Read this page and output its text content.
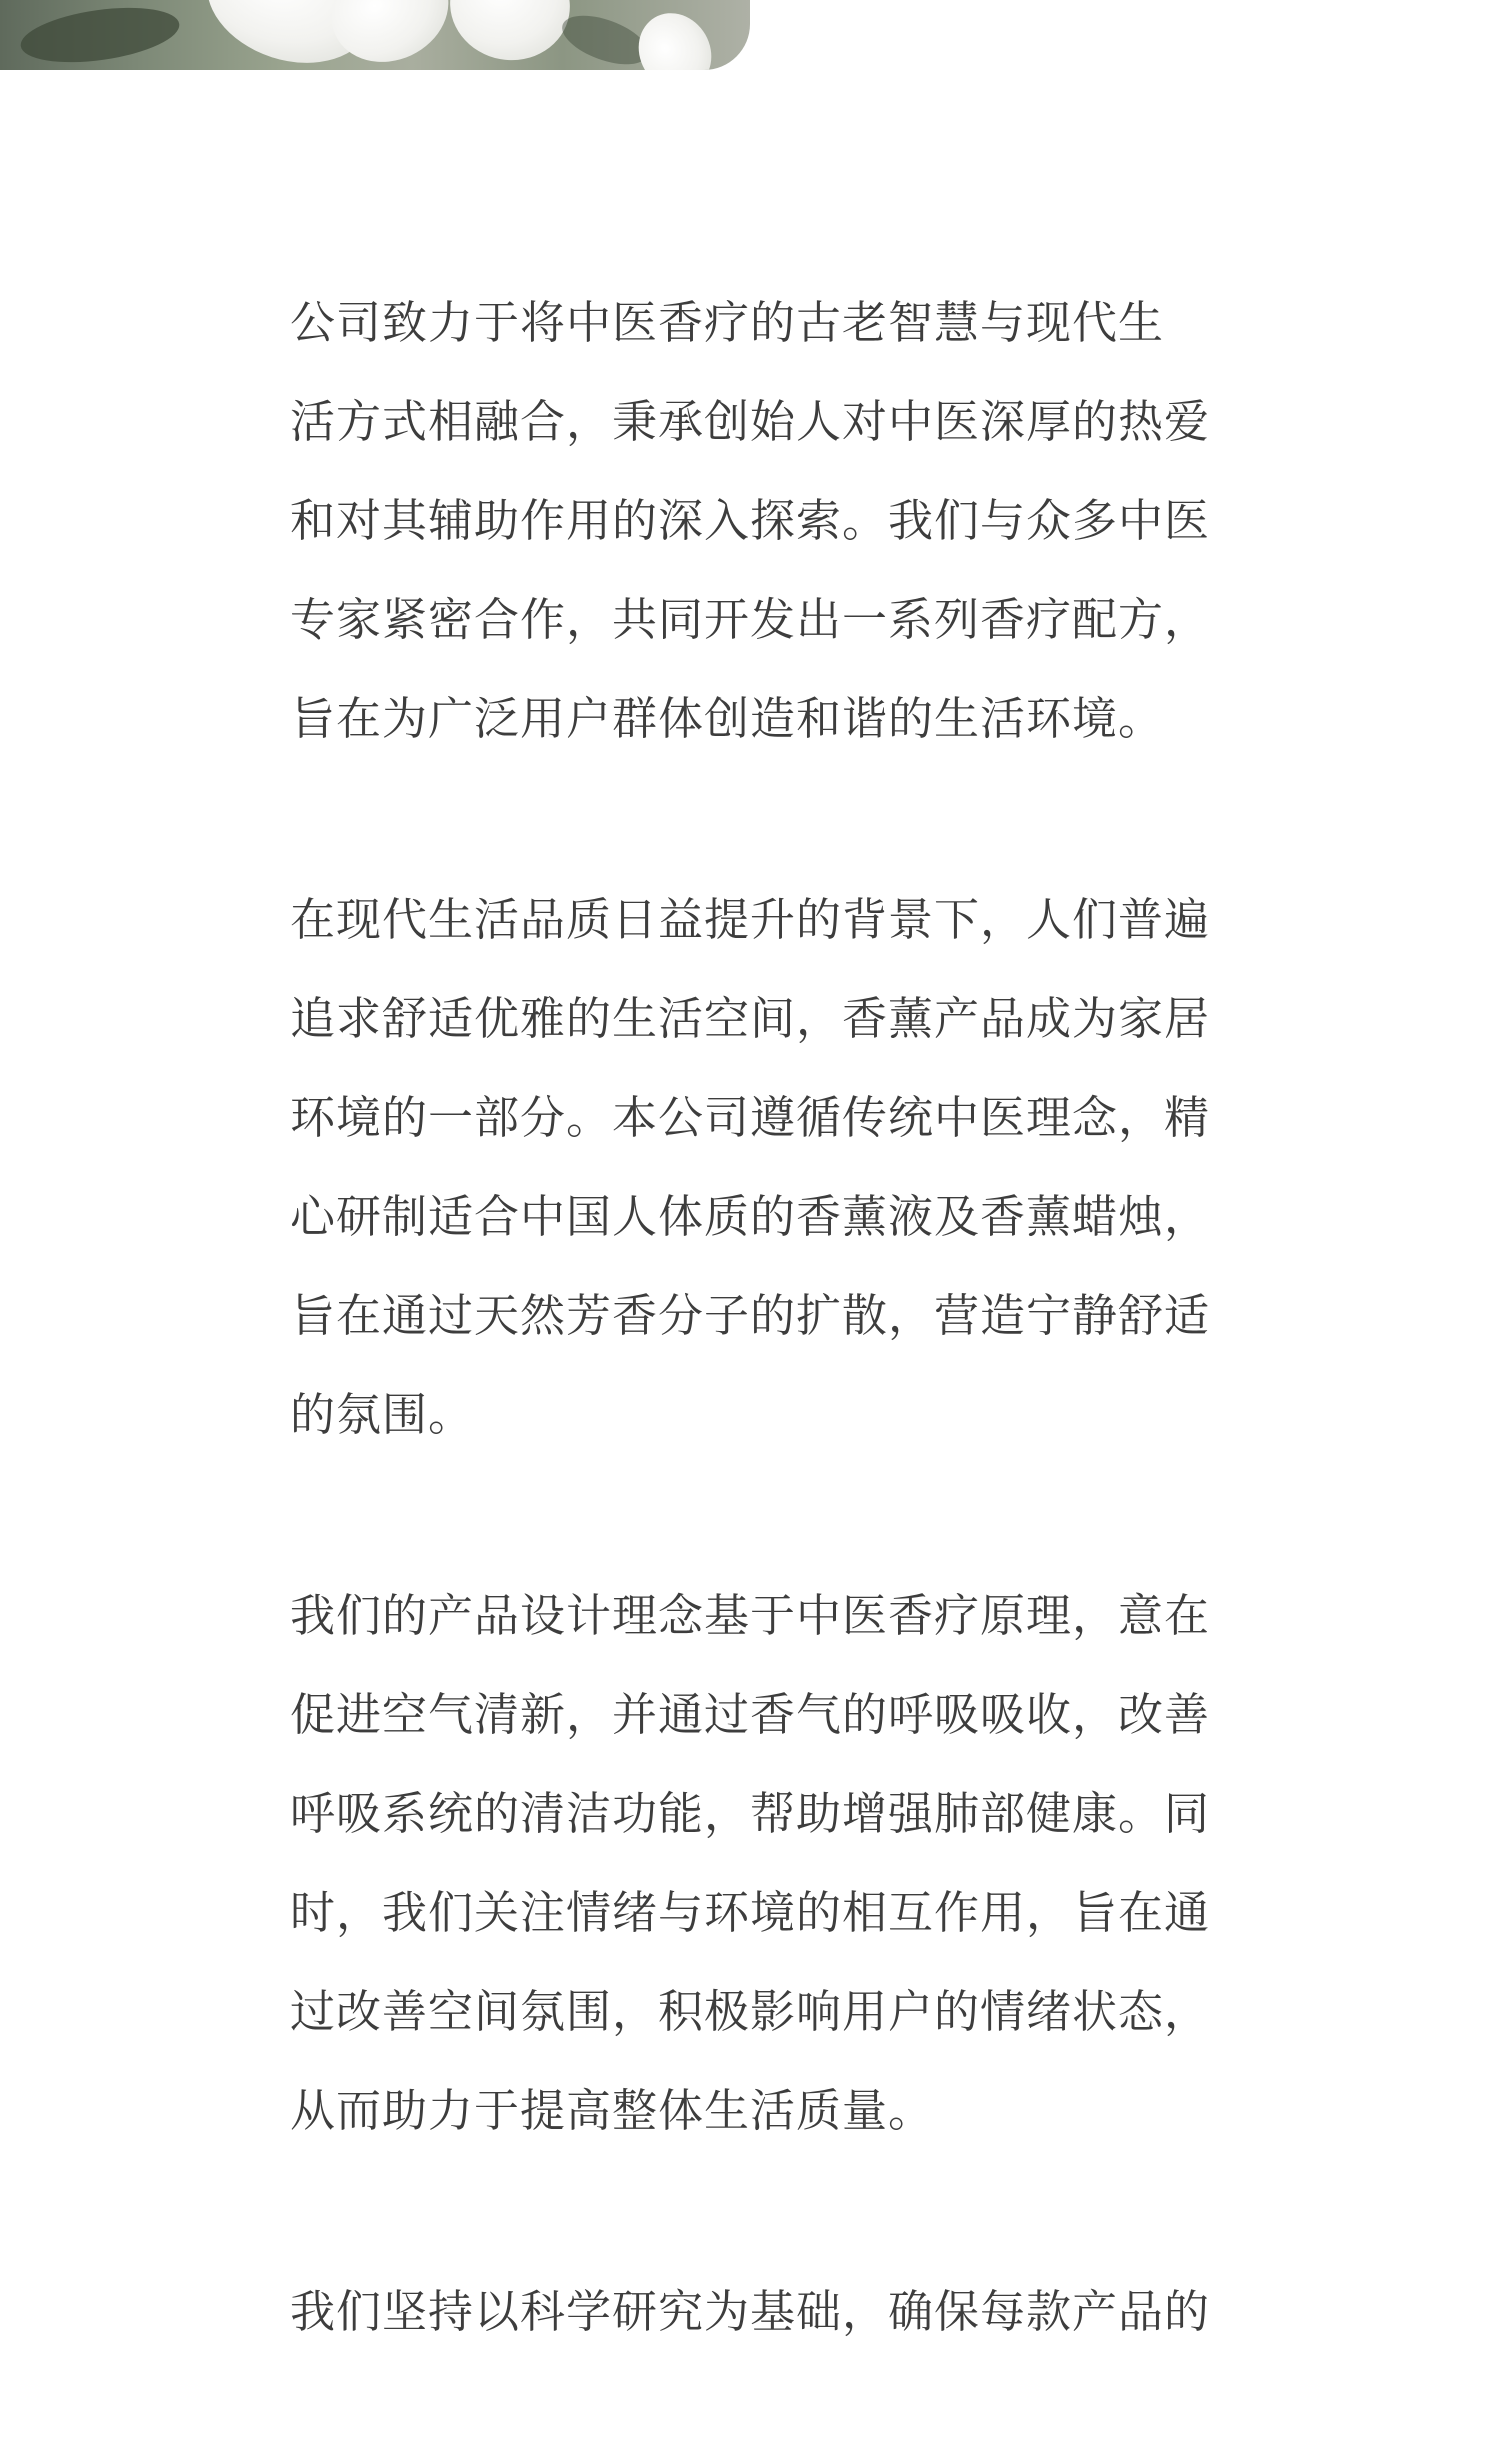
公司致力于将中医香疗的古老智慧与现代生
活方式相融合，秉承创始人对中医深厚的热爱
和对其辅助作用的深入探索。我们与众多中医
专家紧密合作，共同开发出一系列香疗配方，
旨在为广泛用户群体创造和谐的生活环境。

在现代生活品质日益提升的背景下，人们普遍
追求舒适优雅的生活空间，香薰产品成为家居
环境的一部分。本公司遵循传统中医理念，精
心研制适合中国人体质的香薰液及香薰蜡烛，
旨在通过天然芳香分子的扩散，营造宁静舒适
的氛围。

我们的产品设计理念基于中医香疗原理，意在
促进空气清新，并通过香气的呼吸吸收，改善
呼吸系统的清洁功能，帮助增强肺部健康。同
时，我们关注情绪与环境的相互作用，旨在通
过改善空间氛围，积极影响用户的情绪状态，
从而助力于提高整体生活质量。

我们坚持以科学研究为基础，确保每款产品的
